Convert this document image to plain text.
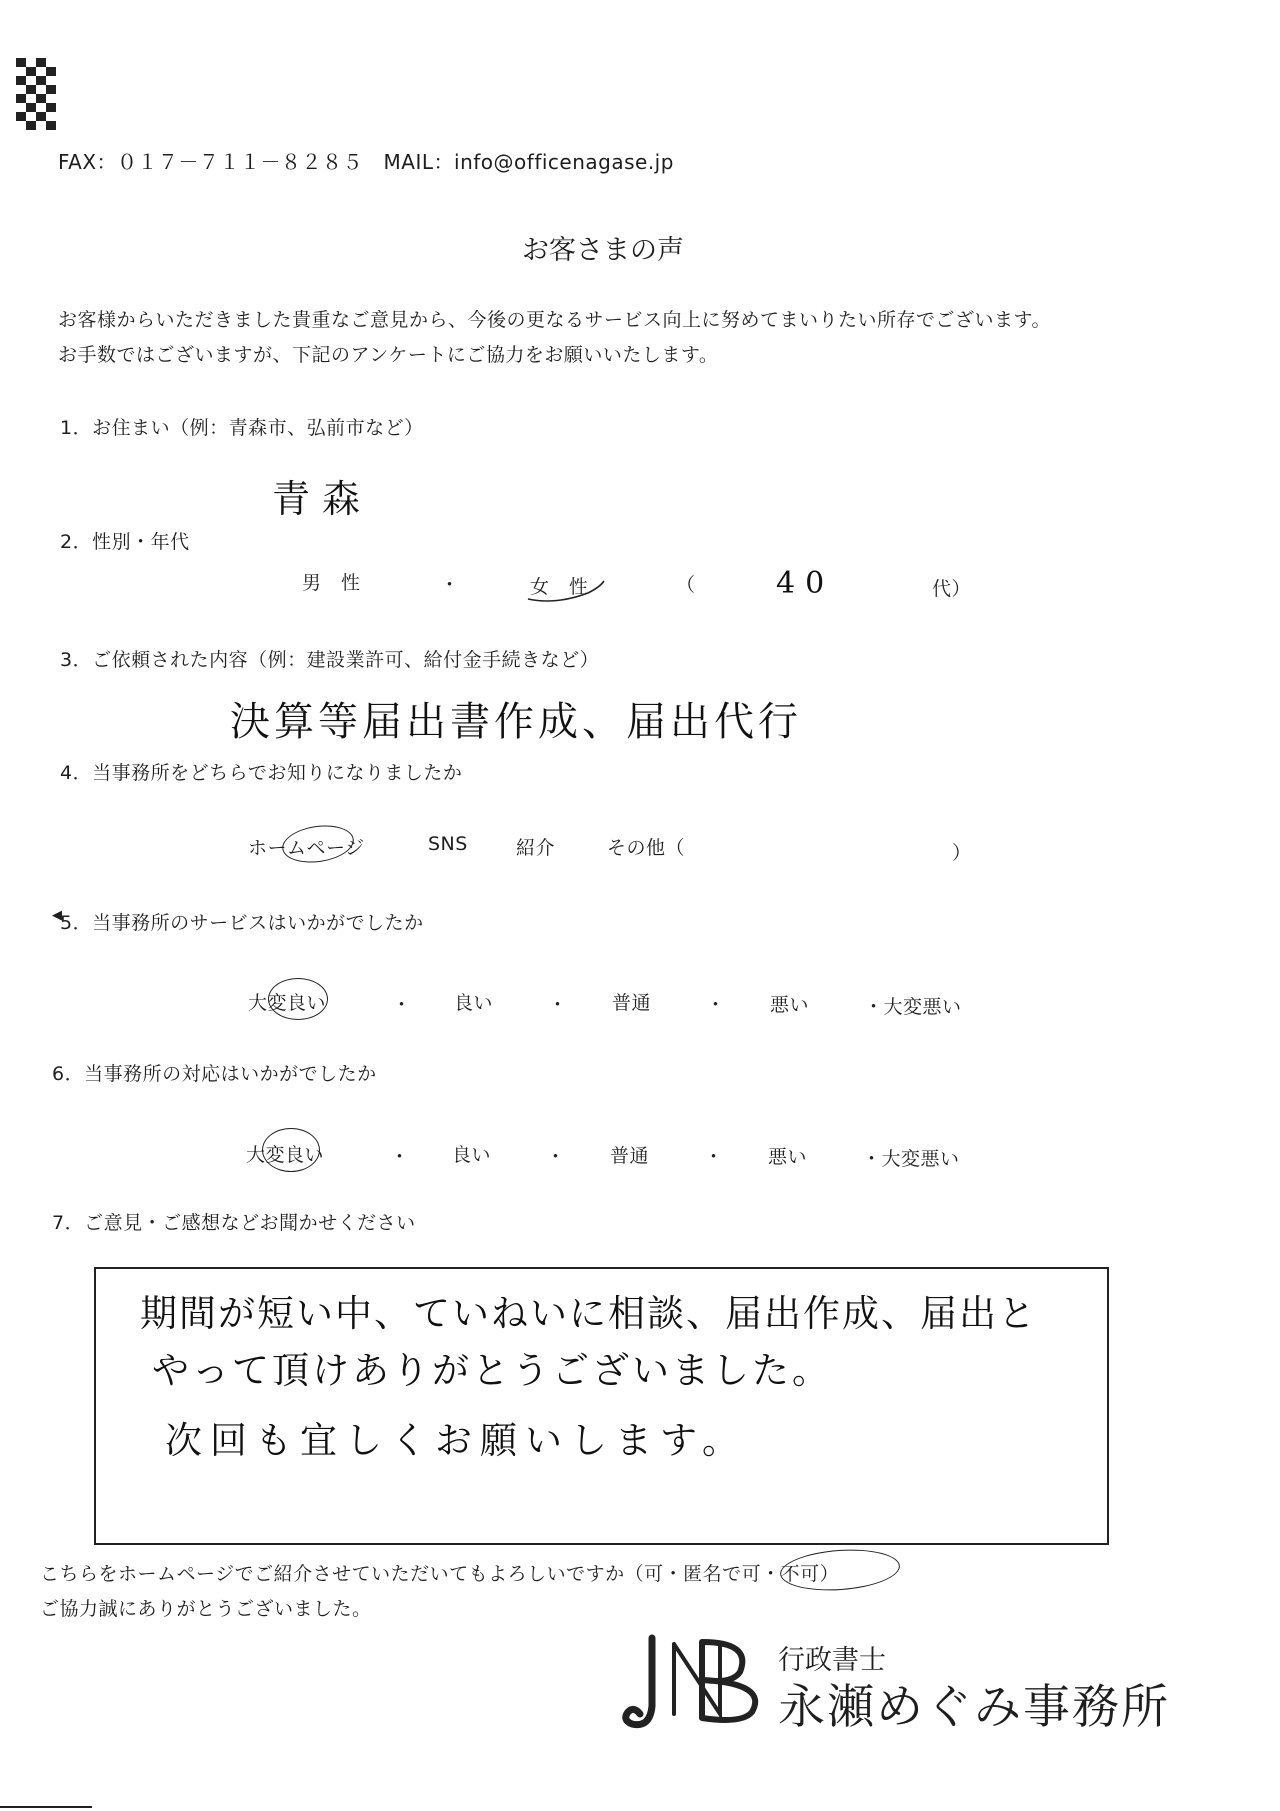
FAX：０１７－７１１－８２８５　MAIL：info@officenagase.jp
お客さまの声
お客様からいただきました貴重なご意見から、今後の更なるサービス向上に努めてまいりたい所存でございます。
お手数ではございますが、下記のアンケートにご協力をお願いいたします。
1．お住まい（例：青森市、弘前市など）
青森
2．性別・年代
男　性	・	女　性	（	40	代）
3．ご依頼された内容（例：建設業許可、給付金手続きなど）
決算等届出書作成、届出代行
4．当事務所をどちらでお知りになりましたか
ホームページ	SNS	紹介	その他（	）
◀
5．当事務所のサービスはいかがでしたか
大変良い	・ 良い	・ 普通	・ 悪い	・大変悪い
6．当事務所の対応はいかがでしたか
大変良い	・ 良い	・ 普通	・ 悪い	・大変悪い
7．ご意見・ご感想などお聞かせください
期間が短い中、ていねいに相談、届出作成、届出と
やって頂けありがとうございました。
次回も宜しくお願いします。
こちらをホームページでご紹介させていただいてもよろしいですか（可・匿名で可・不可）
ご協力誠にありがとうございました。
行政書士
永瀬めぐみ事務所
